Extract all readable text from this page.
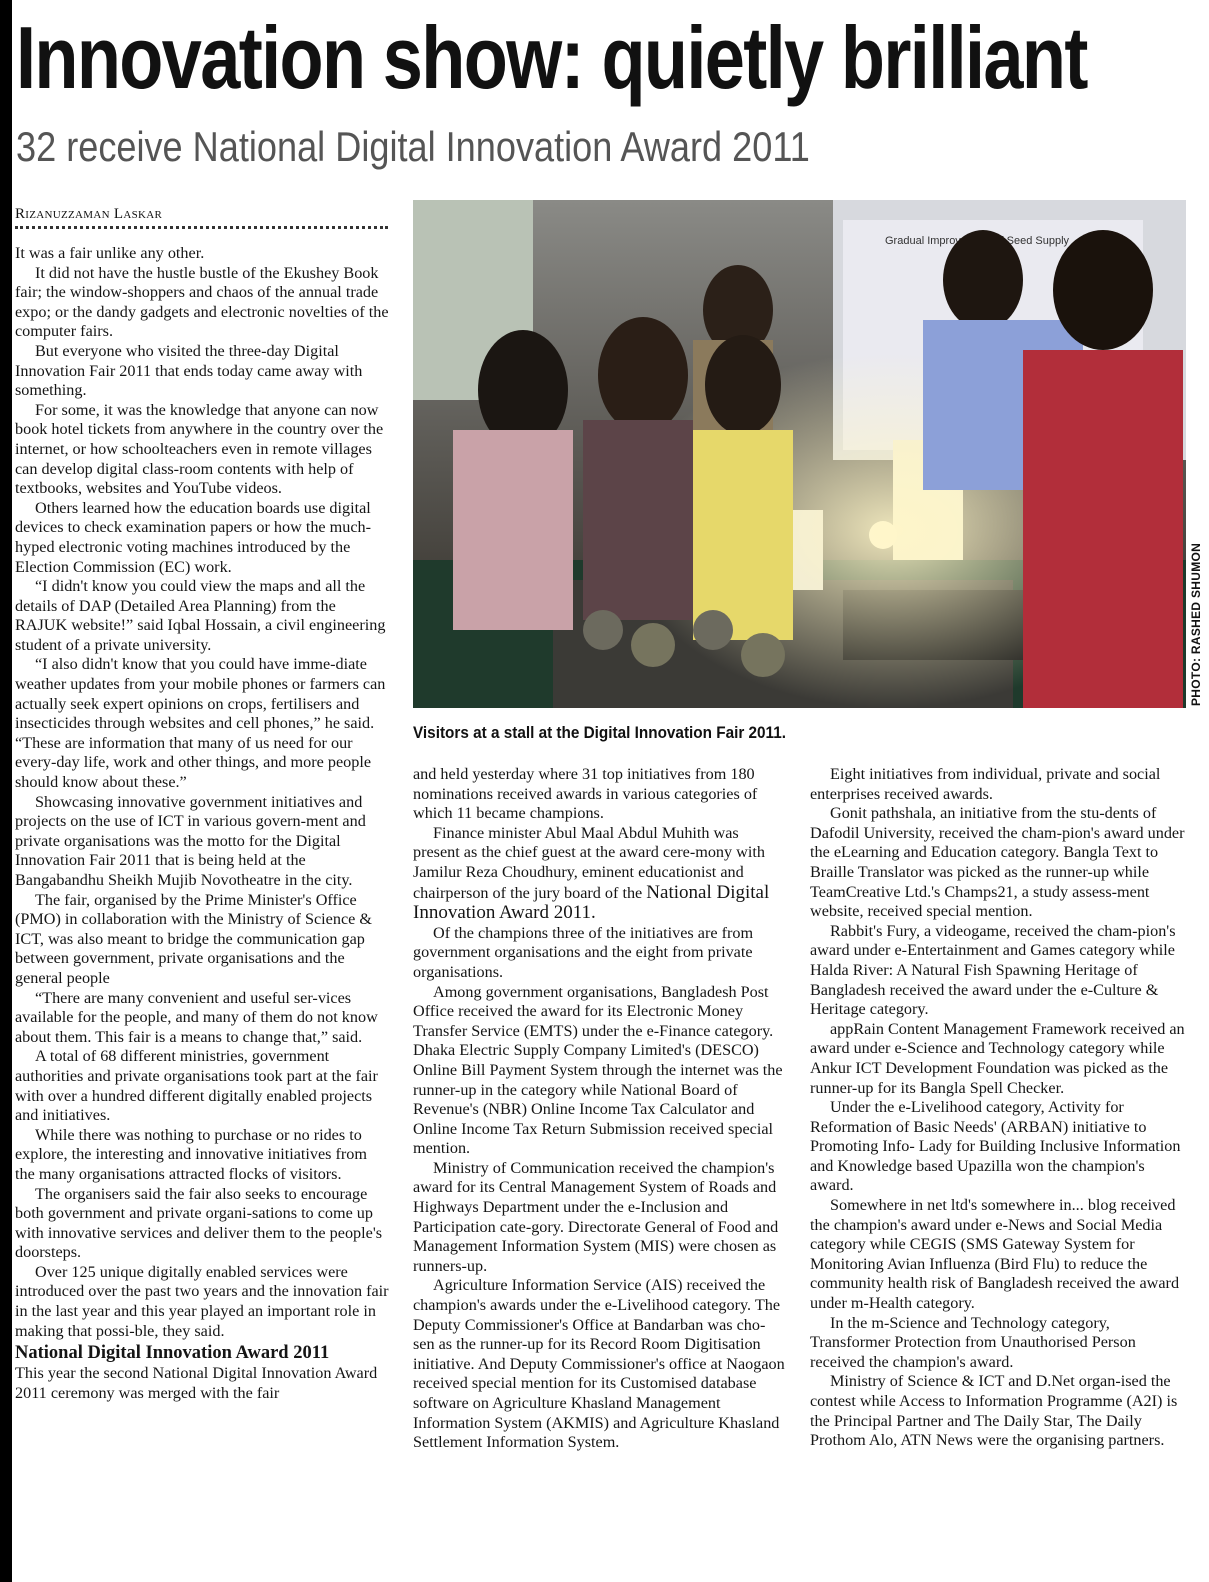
Innovation show: quietly brilliant
32 receive National Digital Innovation Award 2011
Rizanuzzaman Laskar

It was a fair unlike any other.

It did not have the hustle bustle of the Ekushey Book fair; the window-shoppers and chaos of the annual trade expo; or the dandy gadgets and electronic novelties of the computer fairs.

But everyone who visited the three-day Digital Innovation Fair 2011 that ends today came away with something.

For some, it was the knowledge that anyone can now book hotel tickets from anywhere in the country over the internet, or how schoolteachers even in remote villages can develop digital class-room contents with help of textbooks, websites and YouTube videos.

Others learned how the education boards use digital devices to check examination papers or how the much-hyped electronic voting machines introduced by the Election Commission (EC) work.

“I didn't know you could view the maps and all the details of DAP (Detailed Area Planning) from the RAJUK website!” said Iqbal Hossain, a civil engineering student of a private university.

“I also didn't know that you could have imme-diate weather updates from your mobile phones or farmers can actually seek expert opinions on crops, fertilisers and insecticides through websites and cell phones,” he said. “These are information that many of us need for our every-day life, work and other things, and more people should know about these.”

Showcasing innovative government initiatives and projects on the use of ICT in various govern-ment and private organisations was the motto for the Digital Innovation Fair 2011 that is being held at the Bangabandhu Sheikh Mujib Novotheatre in the city.

The fair, organised by the Prime Minister's Office (PMO) in collaboration with the Ministry of Science & ICT, was also meant to bridge the communication gap between government, private organisations and the general people

“There are many convenient and useful ser-vices available for the people, and many of them do not know about them. This fair is a means to change that,” said.

A total of 68 different ministries, government authorities and private organisations took part at the fair with over a hundred different digitally enabled projects and initiatives.

While there was nothing to purchase or no rides to explore, the interesting and innovative initiatives from the many organisations attracted flocks of visitors.

The organisers said the fair also seeks to encourage both government and private organi-sations to come up with innovative services and deliver them to the people's doorsteps.

Over 125 unique digitally enabled services were introduced over the past two years and the innovation fair in the last year and this year played an important role in making that possi-ble, they said.

National Digital Innovation Award 2011

This year the second National Digital Innovation Award 2011 ceremony was merged with the fair

PHOTO: RASHED SHUMON
Visitors at a stall at the Digital Innovation Fair 2011.

and held yesterday where 31 top initiatives from 180 nominations received awards in various categories of which 11 became champions.

Finance minister Abul Maal Abdul Muhith was present as the chief guest at the award cere-mony with Jamilur Reza Choudhury, eminent educationist and chairperson of the jury board of the National Digital Innovation Award 2011.

Of the champions three of the initiatives are from government organisations and the eight from private organisations.

Among government organisations, Bangladesh Post Office received the award for its Electronic Money Transfer Service (EMTS) under the e-Finance category. Dhaka Electric Supply Company Limited's (DESCO) Online Bill Payment System through the internet was the runner-up in the category while National Board of Revenue's (NBR) Online Income Tax Calculator and Online Income Tax Return Submission received special mention.

Ministry of Communication received the champion's award for its Central Management System of Roads and Highways Department under the e-Inclusion and Participation cate-gory. Directorate General of Food and Management Information System (MIS) were chosen as runners-up.

Agriculture Information Service (AIS) received the champion's awards under the e-Livelihood category. The Deputy Commissioner's Office at Bandarban was cho-sen as the runner-up for its Record Room Digitisation initiative. And Deputy Commissioner's office at Naogaon received special mention for its Customised database software on Agriculture Khasland Management Information System (AKMIS) and Agriculture Khasland Settlement Information System.

Eight initiatives from individual, private and social enterprises received awards.

Gonit pathshala, an initiative from the stu-dents of Dafodil University, received the cham-pion's award under the eLearning and Education category. Bangla Text to Braille Translator was picked as the runner-up while TeamCreative Ltd.'s Champs21, a study assess-ment website, received special mention.

Rabbit's Fury, a videogame, received the cham-pion's award under e-Entertainment and Games category while Halda River: A Natural Fish Spawning Heritage of Bangladesh received the award under the e-Culture & Heritage category.

appRain Content Management Framework received an award under e-Science and Technology category while Ankur ICT Development Foundation was picked as the runner-up for its Bangla Spell Checker.

Under the e-Livelihood category, Activity for Reformation of Basic Needs' (ARBAN) initiative to Promoting Info- Lady for Building Inclusive Information and Knowledge based Upazilla won the champion's award.

Somewhere in net ltd's somewhere in... blog received the champion's award under e-News and Social Media category while CEGIS (SMS Gateway System for Monitoring Avian Influenza (Bird Flu) to reduce the community health risk of Bangladesh received the award under m-Health category.

In the m-Science and Technology category, Transformer Protection from Unauthorised Person received the champion's award.

Ministry of Science & ICT and D.Net organ-ised the contest while Access to Information Programme (A2I) is the Principal Partner and The Daily Star, The Daily Prothom Alo, ATN News were the organising partners.
